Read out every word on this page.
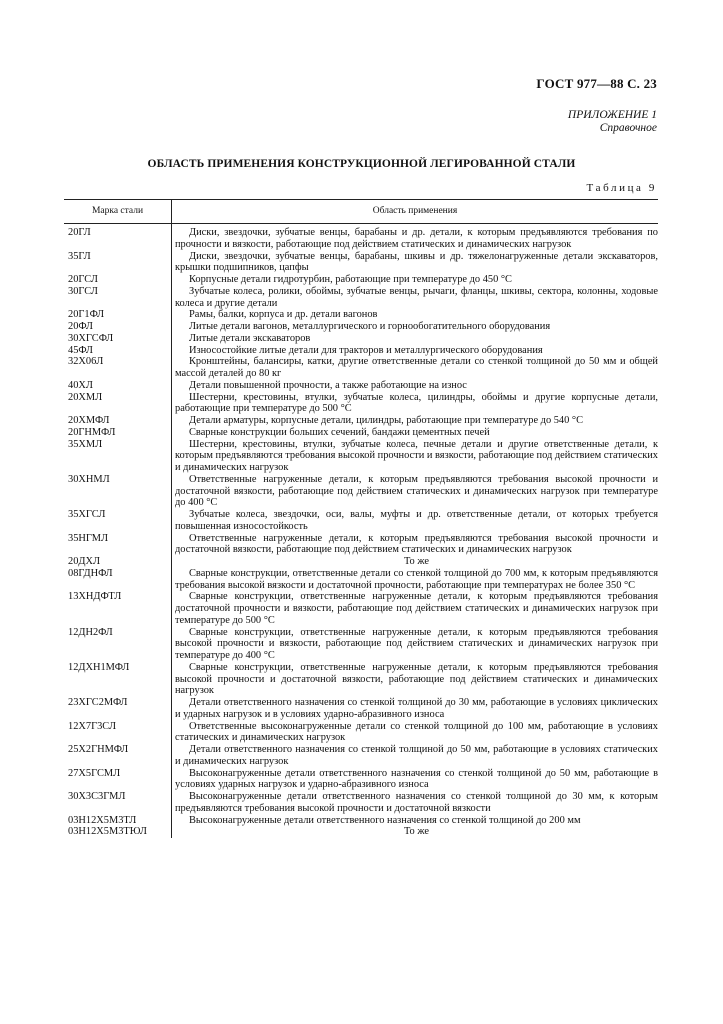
ГОСТ 977—88 С. 23
ПРИЛОЖЕНИЕ 1
Справочное
ОБЛАСТЬ ПРИМЕНЕНИЯ КОНСТРУКЦИОННОЙ ЛЕГИРОВАННОЙ СТАЛИ
Таблица 9
Марка стали	Область применения
20ГЛ	Диски, звездочки, зубчатые венцы, барабаны и др. детали, к которым предъявляются требования по прочности и вязкости, работающие под действием статических и динамических нагрузок
35ГЛ	Диски, звездочки, зубчатые венцы, барабаны, шкивы и др. тяжелонагруженные детали экскаваторов, крышки подшипников, цапфы
20ГСЛ	Корпусные детали гидротурбин, работающие при температуре до 450 °С
30ГСЛ	Зубчатые колеса, ролики, обоймы, зубчатые венцы, рычаги, фланцы, шкивы, сектора, колонны, ходовые колеса и другие детали
20Г1ФЛ	Рамы, балки, корпуса и др. детали вагонов
20ФЛ	Литые детали вагонов, металлургического и горнообогатительного оборудования
30ХГСФЛ	Литые детали экскаваторов
45ФЛ	Износостойкие литые детали для тракторов и металлургического оборудования
32Х06Л	Кронштейны, балансиры, катки, другие ответственные детали со стенкой толщиной до 50 мм и общей массой деталей до 80 кг
40ХЛ	Детали повышенной прочности, а также работающие на износ
20ХМЛ	Шестерни, крестовины, втулки, зубчатые колеса, цилиндры, обоймы и другие корпусные детали, работающие при температуре до 500 °С
20ХМФЛ	Детали арматуры, корпусные детали, цилиндры, работающие при температуре до 540 °С
20ГНМФЛ	Сварные конструкции больших сечений, бандажи цементных печей
35ХМЛ	Шестерни, крестовины, втулки, зубчатые колеса, печные детали и другие ответственные детали, к которым предъявляются требования высокой прочности и вязкости, работающие под действием статических и динамических нагрузок
30ХНМЛ	Ответственные нагруженные детали, к которым предъявляются требования высокой прочности и достаточной вязкости, работающие под действием статических и динамических нагрузок при температуре до 400 °С
35ХГСЛ	Зубчатые колеса, звездочки, оси, валы, муфты и др. ответственные детали, от которых требуется повышенная износостойкость
35НГМЛ	Ответственные нагруженные детали, к которым предъявляются требования высокой прочности и достаточной вязкости, работающие под действием статических и динамических нагрузок
20ДХЛ	То же
08ГДНФЛ	Сварные конструкции, ответственные детали со стенкой толщиной до 700 мм, к которым предъявляются требования высокой вязкости и достаточной прочности, работающие при температурах не более 350 °С
13ХНДФТЛ	Сварные конструкции, ответственные нагруженные детали, к которым предъявляются требования достаточной прочности и вязкости, работающие под действием статических и динамических нагрузок при температуре до 500 °С
12ДН2ФЛ	Сварные конструкции, ответственные нагруженные детали, к которым предъявляются требования высокой прочности и вязкости, работающие под действием статических и динамических нагрузок при температуре до 400 °С
12ДХН1МФЛ	Сварные конструкции, ответственные нагруженные детали, к которым предъявляются требования высокой прочности и достаточной вязкости, работающие под действием статических и динамических нагрузок
23ХГС2МФЛ	Детали ответственного назначения со стенкой толщиной до 30 мм, работающие в условиях циклических и ударных нагрузок и в условиях ударно-абразивного износа
12Х7Г3СЛ	Ответственные высоконагруженные детали со стенкой толщиной до 100 мм, работающие в условиях статических и динамических нагрузок
25Х2ГНМФЛ	Детали ответственного назначения со стенкой толщиной до 50 мм, работающие в условиях статических и динамических нагрузок
27Х5ГСМЛ	Высоконагруженные детали ответственного назначения со стенкой толщиной до 50 мм, работающие в условиях ударных нагрузок и ударно-абразивного износа
30Х3С3ГМЛ	Высоконагруженные детали ответственного назначения со стенкой толщиной до 30 мм, к которым предъявляются требования высокой прочности и достаточной вязкости
03Н12Х5М3ТЛ	Высоконагруженные детали ответственного назначения со стенкой толщиной до 200 мм
03Н12Х5М3ТЮЛ	То же
